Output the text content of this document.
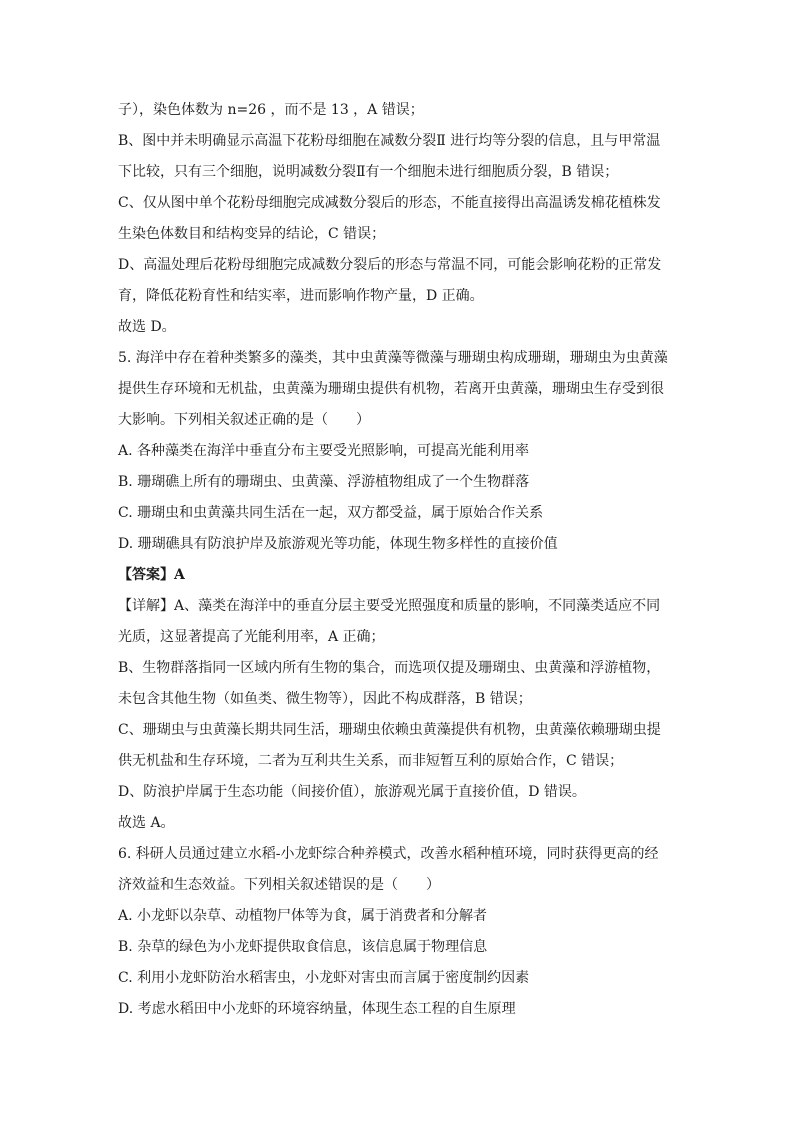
子），染色体数为 n=26 ，而不是 13 ，A 错误；
B、图中并未明确显示高温下花粉母细胞在减数分裂Ⅱ 进行均等分裂的信息，且与甲常温
下比较，只有三个细胞，说明减数分裂Ⅱ有一个细胞未进行细胞质分裂，B 错误；
C、仅从图中单个花粉母细胞完成减数分裂后的形态，不能直接得出高温诱发棉花植株发
生染色体数目和结构变异的结论，C 错误；
D、高温处理后花粉母细胞完成减数分裂后的形态与常温不同，可能会影响花粉的正常发
育，降低花粉育性和结实率，进而影响作物产量，D 正确。
故选 D。
5. 海洋中存在着种类繁多的藻类，其中虫黄藻等微藻与珊瑚虫构成珊瑚，珊瑚虫为虫黄藻
提供生存环境和无机盐，虫黄藻为珊瑚虫提供有机物，若离开虫黄藻，珊瑚虫生存受到很
大影响。下列相关叙述正确的是（　　）
A. 各种藻类在海洋中垂直分布主要受光照影响，可提高光能利用率
B. 珊瑚礁上所有的珊瑚虫、虫黄藻、浮游植物组成了一个生物群落
C. 珊瑚虫和虫黄藻共同生活在一起，双方都受益，属于原始合作关系
D. 珊瑚礁具有防浪护岸及旅游观光等功能，体现生物多样性的直接价值
【答案】A
【详解】A、藻类在海洋中的垂直分层主要受光照强度和质量的影响，不同藻类适应不同
光质，这显著提高了光能利用率，A 正确；
B、生物群落指同一区域内所有生物的集合，而选项仅提及珊瑚虫、虫黄藻和浮游植物，
未包含其他生物（如鱼类、微生物等），因此不构成群落，B 错误；
C、珊瑚虫与虫黄藻长期共同生活，珊瑚虫依赖虫黄藻提供有机物，虫黄藻依赖珊瑚虫提
供无机盐和生存环境，二者为互利共生关系，而非短暂互利的原始合作，C 错误；
D、防浪护岸属于生态功能（间接价值），旅游观光属于直接价值，D 错误。
故选 A。
6. 科研人员通过建立水稻-小龙虾综合种养模式，改善水稻种植环境，同时获得更高的经
济效益和生态效益。下列相关叙述错误的是（　　）
A. 小龙虾以杂草、动植物尸体等为食，属于消费者和分解者
B. 杂草的绿色为小龙虾提供取食信息，该信息属于物理信息
C. 利用小龙虾防治水稻害虫，小龙虾对害虫而言属于密度制约因素
D. 考虑水稻田中小龙虾的环境容纳量，体现生态工程的自生原理
